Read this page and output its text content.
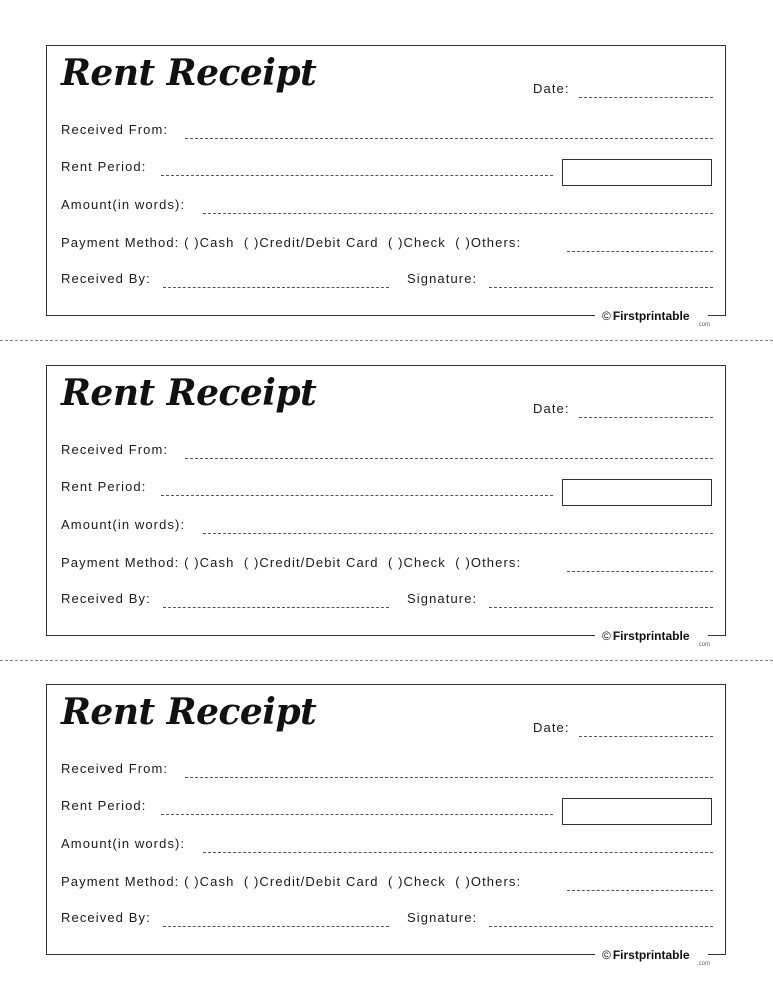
Rent Receipt	Date:
Received From:
Rent Period:
Amount(in words):
Payment Method: ( )Cash  ( )Credit/Debit Card  ( )Check  ( )Others:
Received By:	Signature:
© Firstprintable
.com
Rent Receipt	Date:
Received From:
Rent Period:
Amount(in words):
Payment Method: ( )Cash  ( )Credit/Debit Card  ( )Check  ( )Others:
Received By:	Signature:
© Firstprintable
.com
Rent Receipt	Date:
Received From:
Rent Period:
Amount(in words):
Payment Method: ( )Cash  ( )Credit/Debit Card  ( )Check  ( )Others:
Received By:	Signature:
© Firstprintable
.com
